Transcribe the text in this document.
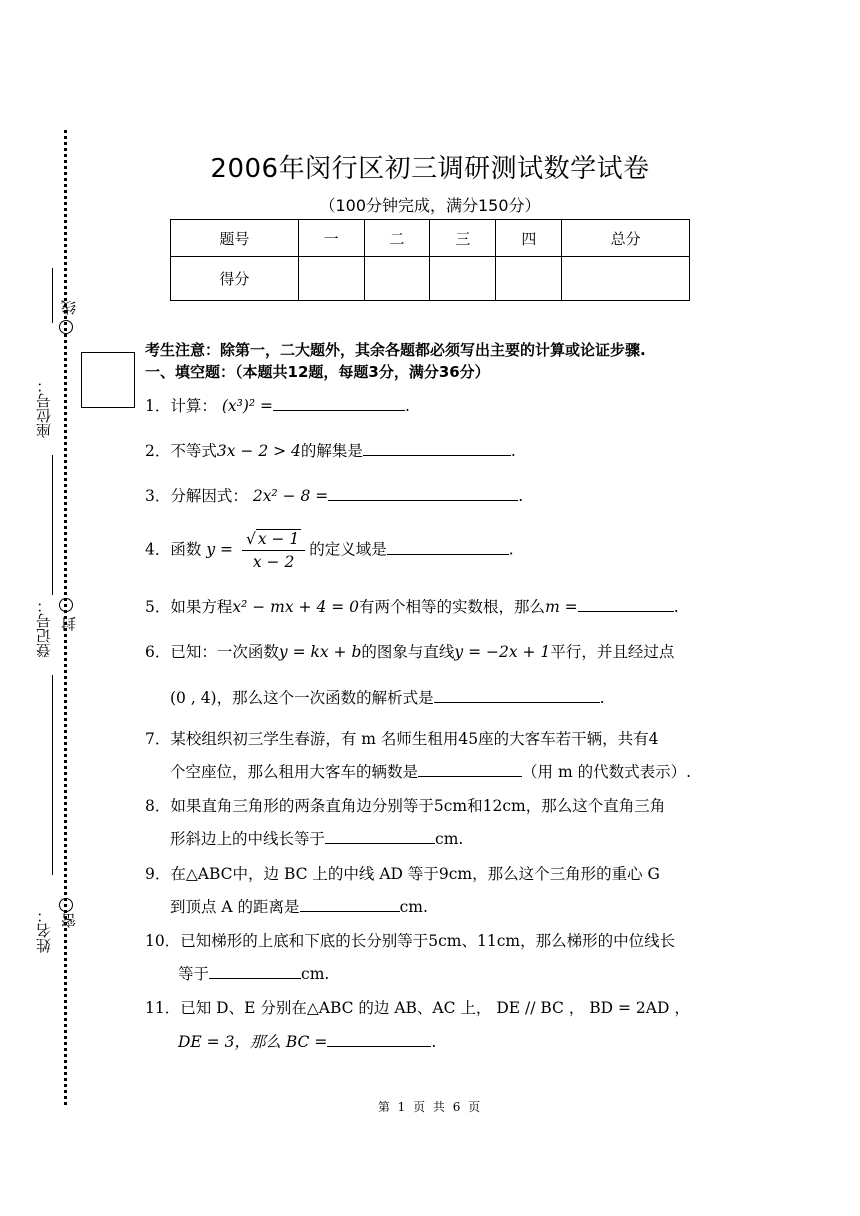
座位号：
登记号：
姓名：
线
封
密
2006年闵行区初三调研测试数学试卷
（100分钟完成，满分150分）
题号	一	二	三	四	总分
得分					
考生注意：除第一，二大题外，其余各题都必须写出主要的计算或论证步骤.
一、填空题：（本题共12题，每题3分，满分36分）
1．计算： (x³)² =	.
2．不等式3x − 2 > 4的解集是	.
3．分解因式： 2x² − 8 =	.
4．函数 $y = \frac{√ x - 1}{x - 2}$ 的定义域是	.
5．如果方程x² − mx + 4 = 0有两个相等的实数根，那么m =	.
6．已知：一次函数y = kx + b的图象与直线y = −2x + 1平行，并且经过点
(0 , 4)，那么这个一次函数的解析式是	.
7．某校组织初三学生春游，有 m 名师生租用45座的大客车若干辆，共有4
个空座位，那么租用大客车的辆数是	（用 m 的代数式表示）.
8．如果直角三角形的两条直角边分别等于5cm和12cm，那么这个直角三角
形斜边上的中线长等于	cm.
9．在△ABC中，边 BC 上的中线 AD 等于9cm，那么这个三角形的重心 G
到顶点 A 的距离是	cm.
10．已知梯形的上底和下底的长分别等于5cm、11cm，那么梯形的中位线长
等于	cm.
11．已知 D、E 分别在△ABC 的边 AB、AC 上， DE // BC ， BD = 2AD ，
DE = 3，那么 BC =	.
第 1 页 共 6 页
